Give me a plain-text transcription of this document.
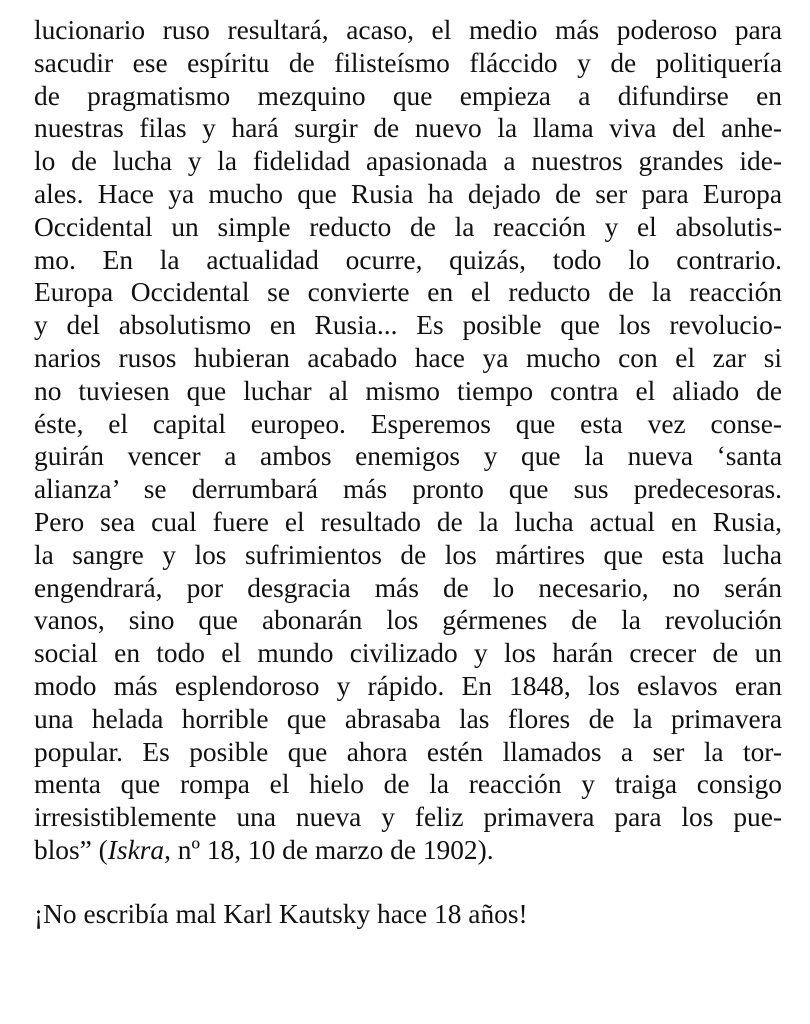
lucionario ruso resultará, acaso, el medio más poderoso para
sacudir ese espíritu de filisteísmo fláccido y de politiquería
de pragmatismo mezquino que empieza a difundirse en
nuestras filas y hará surgir de nuevo la llama viva del anhe-
lo de lucha y la fidelidad apasionada a nuestros grandes ide-
ales. Hace ya mucho que Rusia ha dejado de ser para Europa
Occidental un simple reducto de la reacción y el absolutis-
mo. En la actualidad ocurre, quizás, todo lo contrario.
Europa Occidental se convierte en el reducto de la reacción
y del absolutismo en Rusia... Es posible que los revolucio-
narios rusos hubieran acabado hace ya mucho con el zar si
no tuviesen que luchar al mismo tiempo contra el aliado de
éste, el capital europeo. Esperemos que esta vez conse-
guirán vencer a ambos enemigos y que la nueva ‘santa
alianza’ se derrumbará más pronto que sus predecesoras.
Pero sea cual fuere el resultado de la lucha actual en Rusia,
la sangre y los sufrimientos de los mártires que esta lucha
engendrará, por desgracia más de lo necesario, no serán
vanos, sino que abonarán los gérmenes de la revolución
social en todo el mundo civilizado y los harán crecer de un
modo más esplendoroso y rápido. En 1848, los eslavos eran
una helada horrible que abrasaba las flores de la primavera
popular. Es posible que ahora estén llamados a ser la tor-
menta que rompa el hielo de la reacción y traiga consigo
irresistiblemente una nueva y feliz primavera para los pue-
blos” (Iskra, nº 18, 10 de marzo de 1902).
¡No escribía mal Karl Kautsky hace 18 años!
